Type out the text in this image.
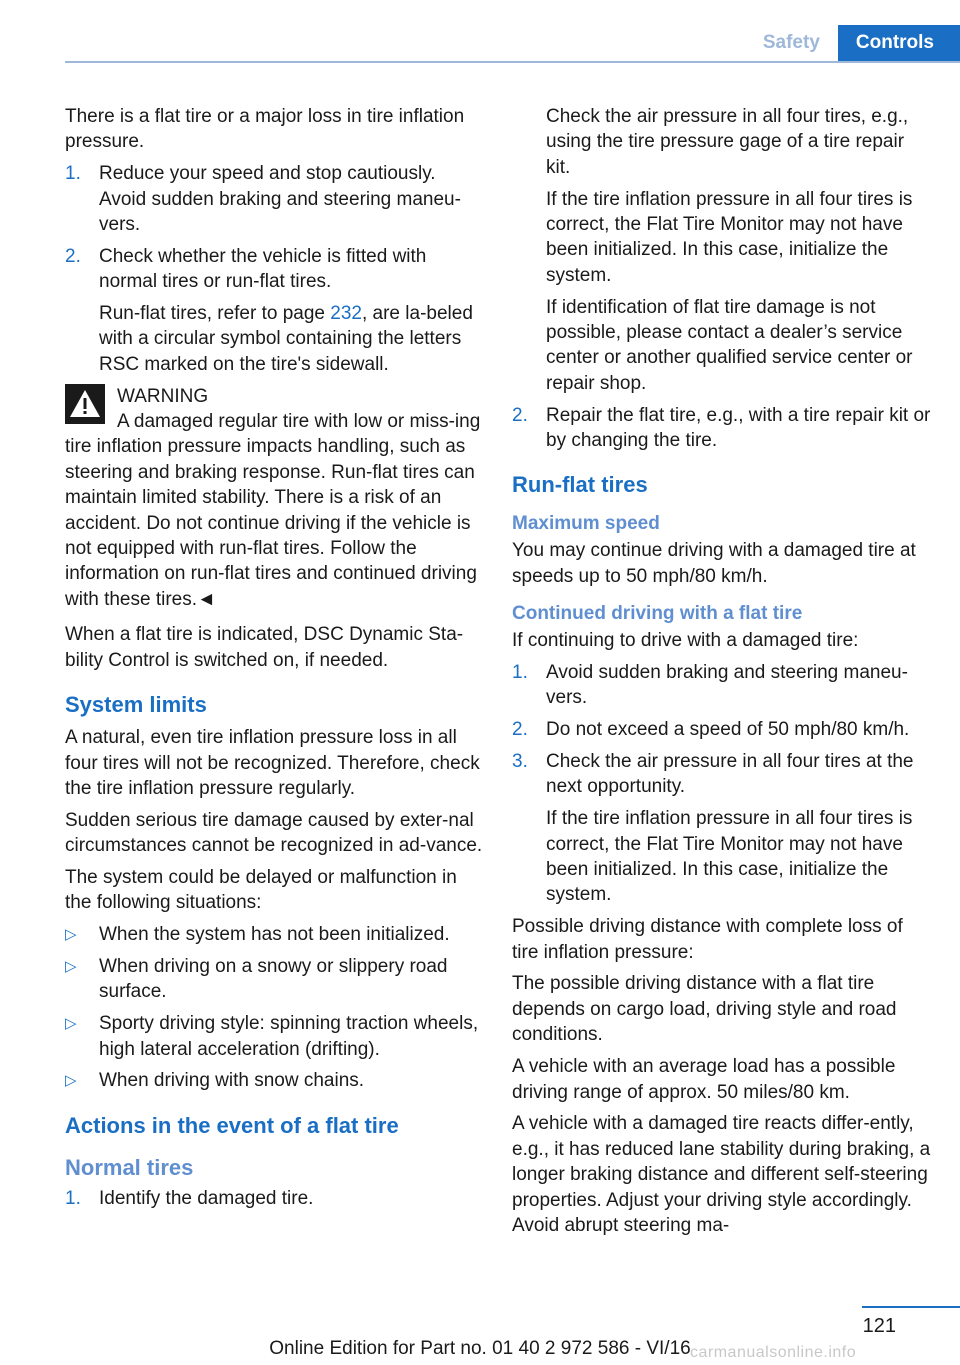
Safety	Controls

There is a flat tire or a major loss in tire inflation pressure.

1. Reduce your speed and stop cautiously. Avoid sudden braking and steering maneu‐vers.
2. Check whether the vehicle is fitted with normal tires or run-flat tires.

Run-flat tires, refer to page 232, are la‐beled with a circular symbol containing the letters RSC marked on the tire's sidewall.

WARNING

A damaged regular tire with low or miss‐ing tire inflation pressure impacts handling, such as steering and braking response. Run-flat tires can maintain limited stability. There is a risk of an accident. Do not continue driving if the vehicle is not equipped with run-flat tires. Follow the information on run-flat tires and continued driving with these tires.◄

When a flat tire is indicated, DSC Dynamic Sta‐bility Control is switched on, if needed.

System limits

A natural, even tire inflation pressure loss in all four tires will not be recognized. Therefore, check the tire inflation pressure regularly.

Sudden serious tire damage caused by exter‐nal circumstances cannot be recognized in ad‐vance.

The system could be delayed or malfunction in the following situations:

▷ When the system has not been initialized.
▷ When driving on a snowy or slippery road surface.
▷ Sporty driving style: spinning traction wheels, high lateral acceleration (drifting).
▷ When driving with snow chains.
Actions in the event of a flat tire
Normal tires
1. Identify the damaged tire.

Check the air pressure in all four tires, e.g., using the tire pressure gage of a tire repair kit.

If the tire inflation pressure in all four tires is correct, the Flat Tire Monitor may not have been initialized. In this case, initialize the system.

If identification of flat tire damage is not possible, please contact a dealer’s service center or another qualified service center or repair shop.

2. Repair the flat tire, e.g., with a tire repair kit or by changing the tire.
Run-flat tires
Maximum speed

You may continue driving with a damaged tire at speeds up to 50 mph/80 km/h.

Continued driving with a flat tire

If continuing to drive with a damaged tire:

1. Avoid sudden braking and steering maneu‐vers.
2. Do not exceed a speed of 50 mph/80 km/h.
3. Check the air pressure in all four tires at the next opportunity.

If the tire inflation pressure in all four tires is correct, the Flat Tire Monitor may not have been initialized. In this case, initialize the system.

Possible driving distance with complete loss of tire inflation pressure:

The possible driving distance with a flat tire depends on cargo load, driving style and road conditions.

A vehicle with an average load has a possible driving range of approx. 50 miles/80 km.

A vehicle with a damaged tire reacts differ‐ently, e.g., it has reduced lane stability during braking, a longer braking distance and different self-steering properties. Adjust your driving style accordingly. Avoid abrupt steering ma‐

121
Online Edition for Part no. 01 40 2 972 586 - VI/16 carmanualsonline.info
